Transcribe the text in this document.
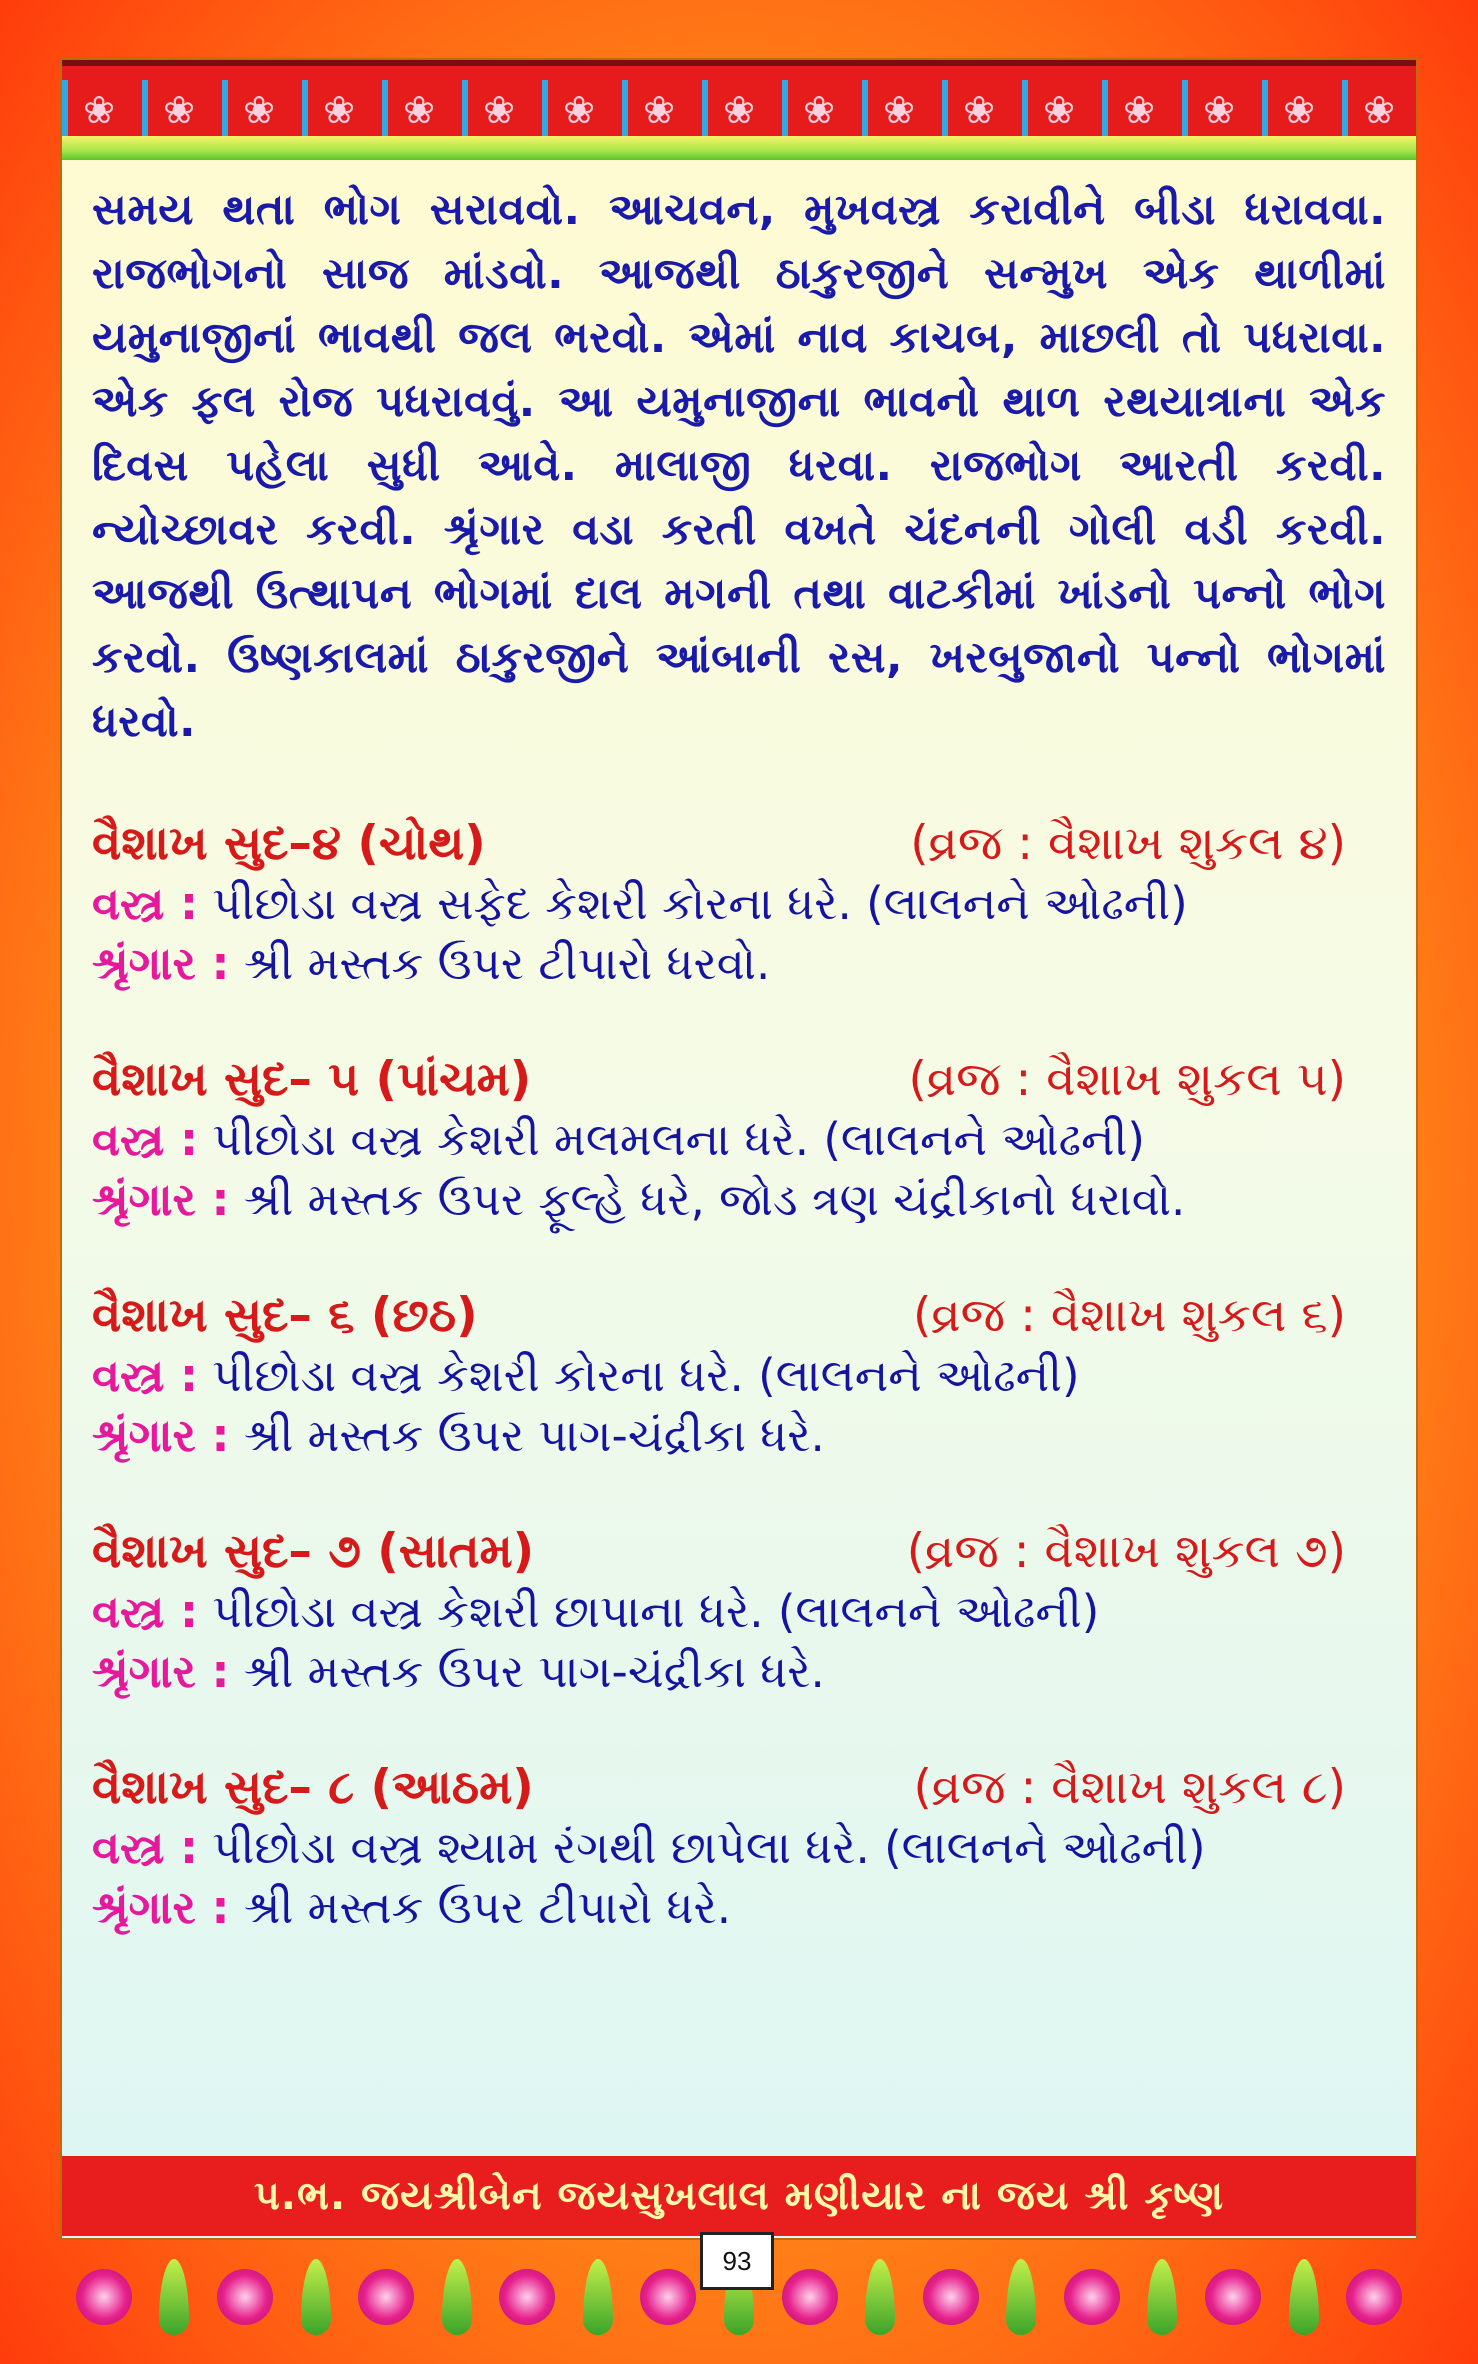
❀	❀	❀	❀	❀	❀	❀	❀	❀	❀	❀	❀	❀	❀	❀	❀	❀

સમય થતા ભોગ સરાવવો. આચવન, મુખવસ્ત્ર કરાવીને બીડા ધરાવવા. રાજભોગનો સાજ માંડવો. આજથી ઠાકુરજીને સન્મુખ એક થાળીમાં યમુનાજીનાં ભાવથી જલ ભરવો. એમાં નાવ કાચબ, માછલી તો પધરાવા. એક ફલ રોજ પધરાવવું. આ યમુનાજીના ભાવનો થાળ રથયાત્રાના એક દિવસ પહેલા સુધી આવે. માલાજી ધરવા. રાજભોગ આરતી કરવી. ન્યોચ્છાવર કરવી. શ્રૃંગાર વડા કરતી વખતે ચંદનની ગોલી વડી કરવી. આજથી ઉત્થાપન ભોગમાં દાલ મગની તથા વાટકીમાં ખાંડનો પન્નો ભોગ કરવો. ઉષ્ણકાલમાં ઠાકુરજીને આંબાની રસ, ખરબુજાનો પન્નો ભોગમાં ધરવો.

વૈશાખ સુદ–૪ (ચોથ)	(વ્રજ : વૈશાખ શુકલ ૪)
વસ્ત્ર : પીછોડા વસ્ત્ર સફેદ કેશરી કોરના ધરે. (લાલનને ઓઢની)
શ્રૃંગાર : શ્રી મસ્તક ઉપર ટીપારો ધરવો.
વૈશાખ સુદ– ૫ (પાંચમ)	(વ્રજ : વૈશાખ શુકલ ૫)
વસ્ત્ર : પીછોડા વસ્ત્ર કેશરી મલમલના ધરે. (લાલનને ઓઢની)
શ્રૃંગાર : શ્રી મસ્તક ઉપર ફૂલ્હે ધરે, જોડ ત્રણ ચંદ્રીકાનો ધરાવો.
વૈશાખ સુદ– ૬ (છઠ)	(વ્રજ : વૈશાખ શુકલ ૬)
વસ્ત્ર : પીછોડા વસ્ત્ર કેશરી કોરના ધરે. (લાલનને ઓઢની)
શ્રૃંગાર : શ્રી મસ્તક ઉપર પાગ-ચંદ્રીકા ધરે.
વૈશાખ સુદ– ૭ (સાતમ)	(વ્રજ : વૈશાખ શુકલ ૭)
વસ્ત્ર : પીછોડા વસ્ત્ર કેશરી છાપાના ધરે. (લાલનને ઓઢની)
શ્રૃંગાર : શ્રી મસ્તક ઉપર પાગ-ચંદ્રીકા ધરે.
વૈશાખ સુદ– ૮ (આઠમ)	(વ્રજ : વૈશાખ શુકલ ૮)
વસ્ત્ર : પીછોડા વસ્ત્ર શ્યામ રંગથી છાપેલા ધરે. (લાલનને ઓઢની)
શ્રૃંગાર : શ્રી મસ્તક ઉપર ટીપારો ધરે.
પ.ભ. જયશ્રીબેન જયસુખલાલ મણીયાર ના જય શ્રી કૃષ્ણ
93
